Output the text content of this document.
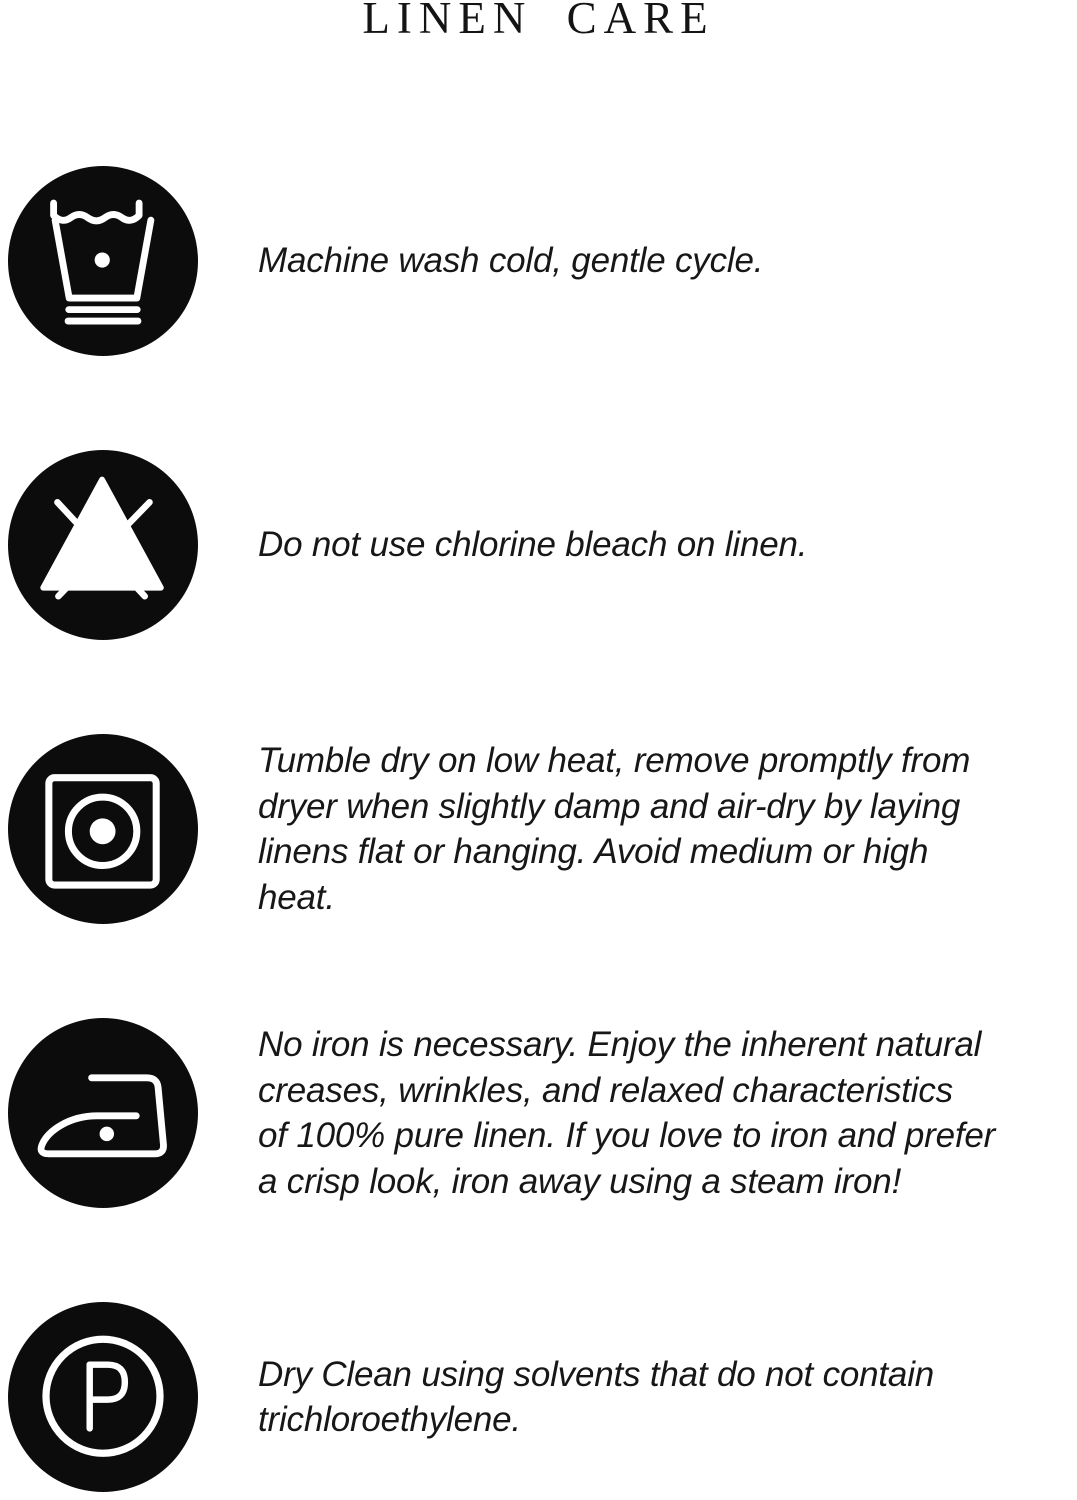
LINEN CARE
Machine wash cold, gentle cycle.
Do not use chlorine bleach on linen.
Tumble dry on low heat, remove promptly from
dryer when slightly damp and air-dry by laying
linens flat or hanging. Avoid medium or high
heat.
No iron is necessary. Enjoy the inherent natural
creases, wrinkles, and relaxed characteristics
of 100% pure linen. If you love to iron and prefer
a crisp look, iron away using a steam iron!
Dry Clean using solvents that do not contain
trichloroethylene.
